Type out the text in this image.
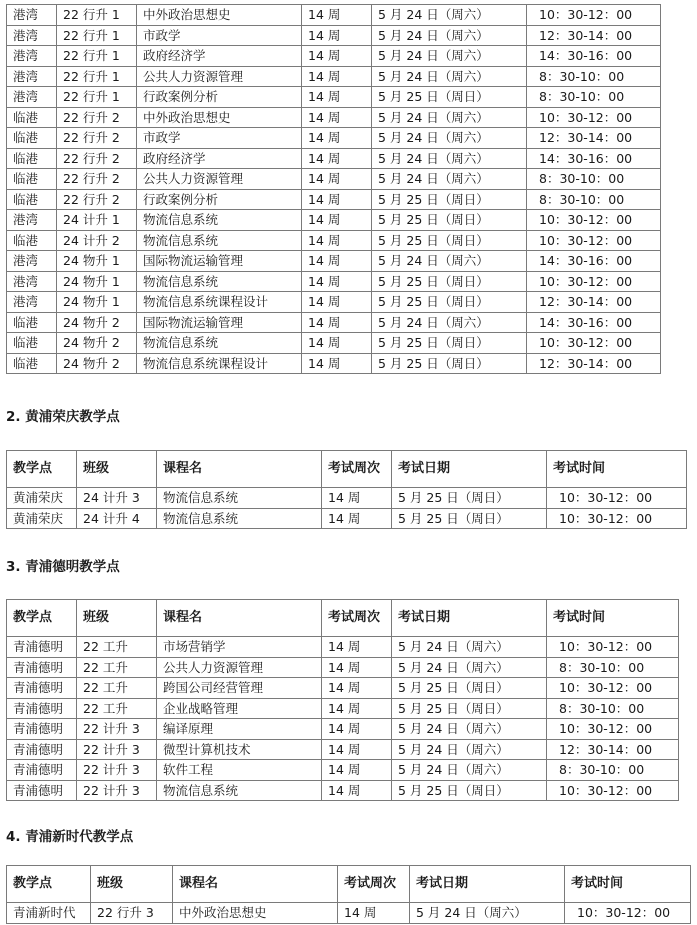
港湾	22 行升 1	中外政治思想史	14 周	5 月 24 日（周六）	10：30-12：00
港湾	22 行升 1	市政学	14 周	5 月 24 日（周六）	12：30-14：00
港湾	22 行升 1	政府经济学	14 周	5 月 24 日（周六）	14：30-16：00
港湾	22 行升 1	公共人力资源管理	14 周	5 月 24 日（周六）	8：30-10：00
港湾	22 行升 1	行政案例分析	14 周	5 月 25 日（周日）	8：30-10：00
临港	22 行升 2	中外政治思想史	14 周	5 月 24 日（周六）	10：30-12：00
临港	22 行升 2	市政学	14 周	5 月 24 日（周六）	12：30-14：00
临港	22 行升 2	政府经济学	14 周	5 月 24 日（周六）	14：30-16：00
临港	22 行升 2	公共人力资源管理	14 周	5 月 24 日（周六）	8：30-10：00
临港	22 行升 2	行政案例分析	14 周	5 月 25 日（周日）	8：30-10：00
港湾	24 计升 1	物流信息系统	14 周	5 月 25 日（周日）	10：30-12：00
临港	24 计升 2	物流信息系统	14 周	5 月 25 日（周日）	10：30-12：00
港湾	24 物升 1	国际物流运输管理	14 周	5 月 24 日（周六）	14：30-16：00
港湾	24 物升 1	物流信息系统	14 周	5 月 25 日（周日）	10：30-12：00
港湾	24 物升 1	物流信息系统课程设计	14 周	5 月 25 日（周日）	12：30-14：00
临港	24 物升 2	国际物流运输管理	14 周	5 月 24 日（周六）	14：30-16：00
临港	24 物升 2	物流信息系统	14 周	5 月 25 日（周日）	10：30-12：00
临港	24 物升 2	物流信息系统课程设计	14 周	5 月 25 日（周日）	12：30-14：00
2. 黄浦荣庆教学点
教学点	班级	课程名	考试周次	考试日期	考试时间
黄浦荣庆	24 计升 3	物流信息系统	14 周	5 月 25 日（周日）	10：30-12：00
黄浦荣庆	24 计升 4	物流信息系统	14 周	5 月 25 日（周日）	10：30-12：00
3. 青浦德明教学点
教学点	班级	课程名	考试周次	考试日期	考试时间
青浦德明	22 工升	市场营销学	14 周	5 月 24 日（周六）	10：30-12：00
青浦德明	22 工升	公共人力资源管理	14 周	5 月 24 日（周六）	8：30-10：00
青浦德明	22 工升	跨国公司经营管理	14 周	5 月 25 日（周日）	10：30-12：00
青浦德明	22 工升	企业战略管理	14 周	5 月 25 日（周日）	8：30-10：00
青浦德明	22 计升 3	编译原理	14 周	5 月 24 日（周六）	10：30-12：00
青浦德明	22 计升 3	微型计算机技术	14 周	5 月 24 日（周六）	12：30-14：00
青浦德明	22 计升 3	软件工程	14 周	5 月 24 日（周六）	8：30-10：00
青浦德明	22 计升 3	物流信息系统	14 周	5 月 25 日（周日）	10：30-12：00
4. 青浦新时代教学点
教学点	班级	课程名	考试周次	考试日期	考试时间
青浦新时代	22 行升 3	中外政治思想史	14 周	5 月 24 日（周六）	10：30-12：00
